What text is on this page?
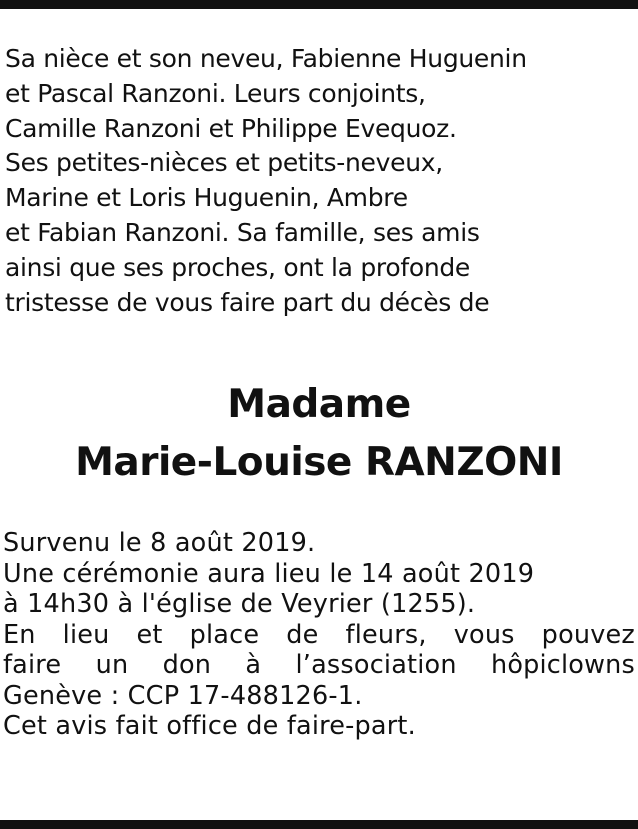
Sa nièce et son neveu, Fabienne Huguenin
et Pascal Ranzoni. Leurs conjoints,
Camille Ranzoni et Philippe Evequoz.
Ses petites-nièces et petits-neveux,
Marine et Loris Huguenin, Ambre
et Fabian Ranzoni. Sa famille, ses amis
ainsi que ses proches, ont la profonde
tristesse de vous faire part du décès de
Madame
Marie-Louise RANZONI
Survenu le 8 août 2019.
Une cérémonie aura lieu le 14 août 2019
à 14h30 à l'église de Veyrier (1255).
En lieu et place de fleurs, vous pouvez
faire un don à l’association hôpiclowns
Genève : CCP 17-488126-1.
Cet avis fait office de faire-part.
